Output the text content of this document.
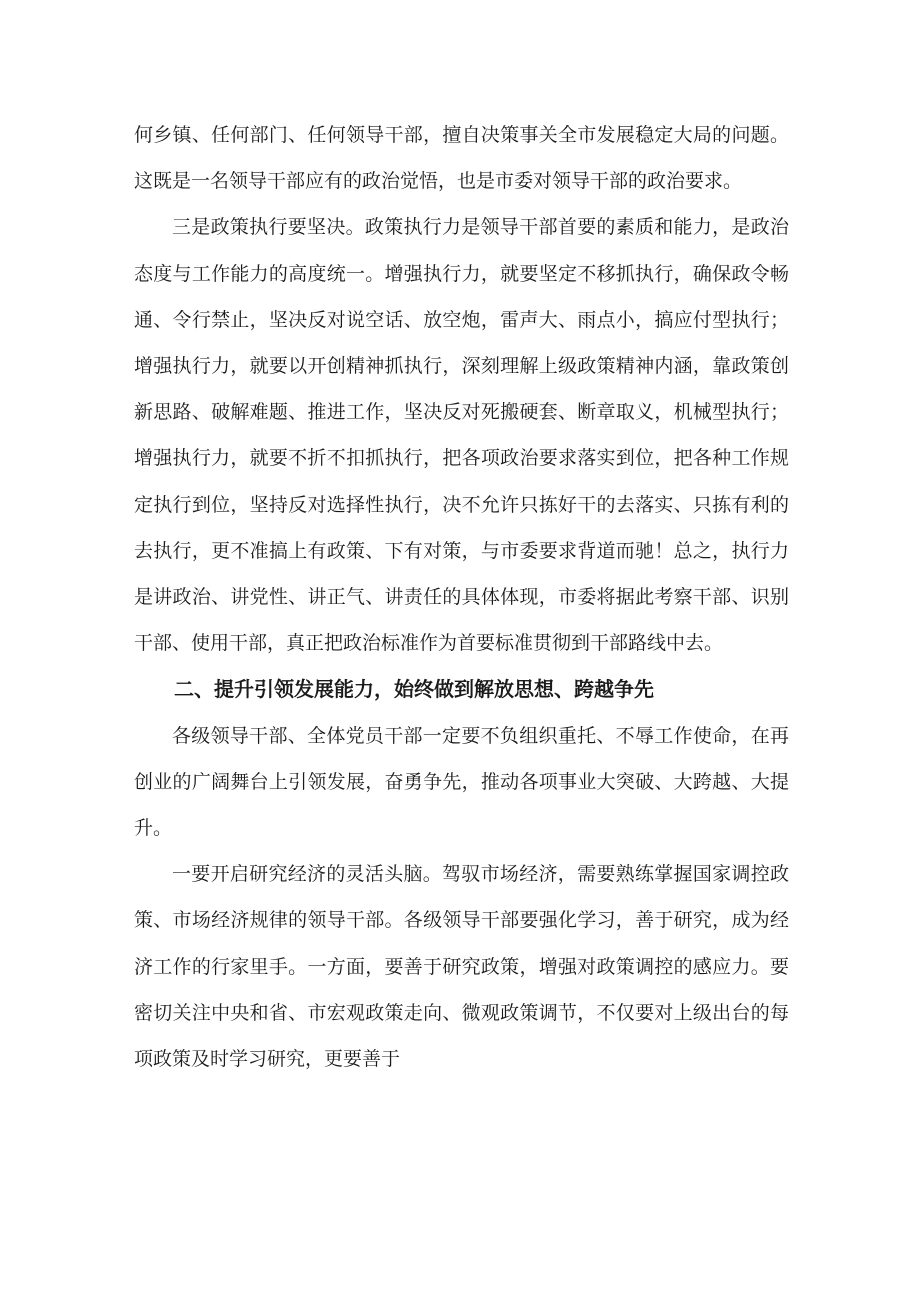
何乡镇、任何部门、任何领导干部，擅自决策事关全市发展稳定大局的问题。这既是一名领导干部应有的政治觉悟，也是市委对领导干部的政治要求。

三是政策执行要坚决。政策执行力是领导干部首要的素质和能力，是政治态度与工作能力的高度统一。增强执行力，就要坚定不移抓执行，确保政令畅通、令行禁止，坚决反对说空话、放空炮，雷声大、雨点小，搞应付型执行；增强执行力，就要以开创精神抓执行，深刻理解上级政策精神内涵，靠政策创新思路、破解难题、推进工作，坚决反对死搬硬套、断章取义，机械型执行；增强执行力，就要不折不扣抓执行，把各项政治要求落实到位，把各种工作规定执行到位，坚持反对选择性执行，决不允许只拣好干的去落实、只拣有利的去执行，更不准搞上有政策、下有对策，与市委要求背道而驰！总之，执行力是讲政治、讲党性、讲正气、讲责任的具体体现，市委将据此考察干部、识别干部、使用干部，真正把政治标准作为首要标准贯彻到干部路线中去。

二、提升引领发展能力，始终做到解放思想、跨越争先

各级领导干部、全体党员干部一定要不负组织重托、不辱工作使命，在再创业的广阔舞台上引领发展，奋勇争先，推动各项事业大突破、大跨越、大提升。

一要开启研究经济的灵活头脑。驾驭市场经济，需要熟练掌握国家调控政策、市场经济规律的领导干部。各级领导干部要强化学习，善于研究，成为经济工作的行家里手。一方面，要善于研究政策，增强对政策调控的感应力。要密切关注中央和省、市宏观政策走向、微观政策调节，不仅要对上级出台的每项政策及时学习研究，更要善于
